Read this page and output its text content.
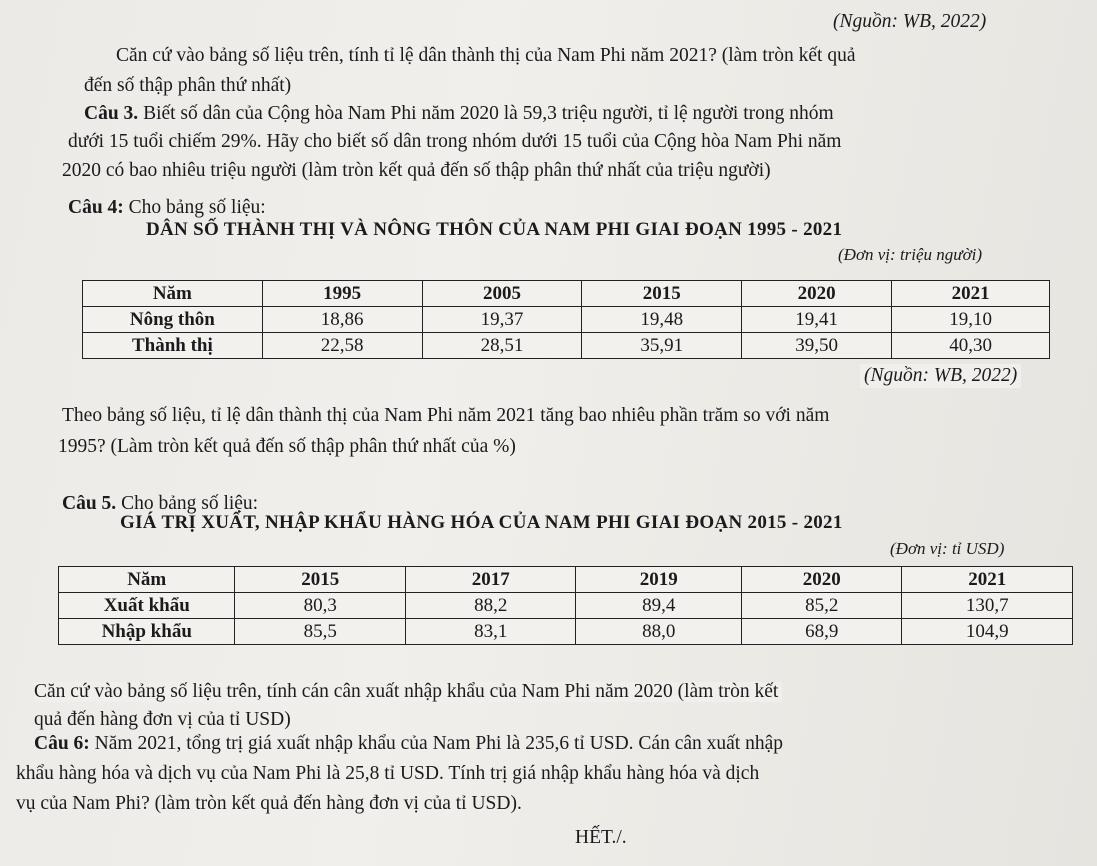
(Nguồn: WB, 2022)
Căn cứ vào bảng số liệu trên, tính tỉ lệ dân thành thị của Nam Phi năm 2021? (làm tròn kết quả
đến số thập phân thứ nhất)
Câu 3. Biết số dân của Cộng hòa Nam Phi năm 2020 là 59,3 triệu người, tỉ lệ người trong nhóm
dưới 15 tuổi chiếm 29%. Hãy cho biết số dân trong nhóm dưới 15 tuổi của Cộng hòa Nam Phi năm
2020 có bao nhiêu triệu người (làm tròn kết quả đến số thập phân thứ nhất của triệu người)
Câu 4: Cho bảng số liệu:
DÂN SỐ THÀNH THỊ VÀ NÔNG THÔN CỦA NAM PHI GIAI ĐOẠN 1995 - 2021
(Đơn vị: triệu người)
Năm	1995	2005	2015	2020	2021
Nông thôn	18,86	19,37	19,48	19,41	19,10
Thành thị	22,58	28,51	35,91	39,50	40,30
(Nguồn: WB, 2022)
Theo bảng số liệu, tỉ lệ dân thành thị của Nam Phi năm 2021 tăng bao nhiêu phần trăm so với năm
1995? (Làm tròn kết quả đến số thập phân thứ nhất của %)
Câu 5. Cho bảng số liệu:
GIÁ TRỊ XUẤT, NHẬP KHẨU HÀNG HÓA CỦA NAM PHI GIAI ĐOẠN 2015 - 2021
(Đơn vị: tỉ USD)
Năm	2015	2017	2019	2020	2021
Xuất khẩu	80,3	88,2	89,4	85,2	130,7
Nhập khẩu	85,5	83,1	88,0	68,9	104,9
Căn cứ vào bảng số liệu trên, tính cán cân xuất nhập khẩu của Nam Phi năm 2020 (làm tròn kết
quả đến hàng đơn vị của tỉ USD)
Câu 6: Năm 2021, tổng trị giá xuất nhập khẩu của Nam Phi là 235,6 tỉ USD. Cán cân xuất nhập
khẩu hàng hóa và dịch vụ của Nam Phi là 25,8 tỉ USD. Tính trị giá nhập khẩu hàng hóa và dịch
vụ của Nam Phi? (làm tròn kết quả đến hàng đơn vị của tỉ USD).
HẾT./.
